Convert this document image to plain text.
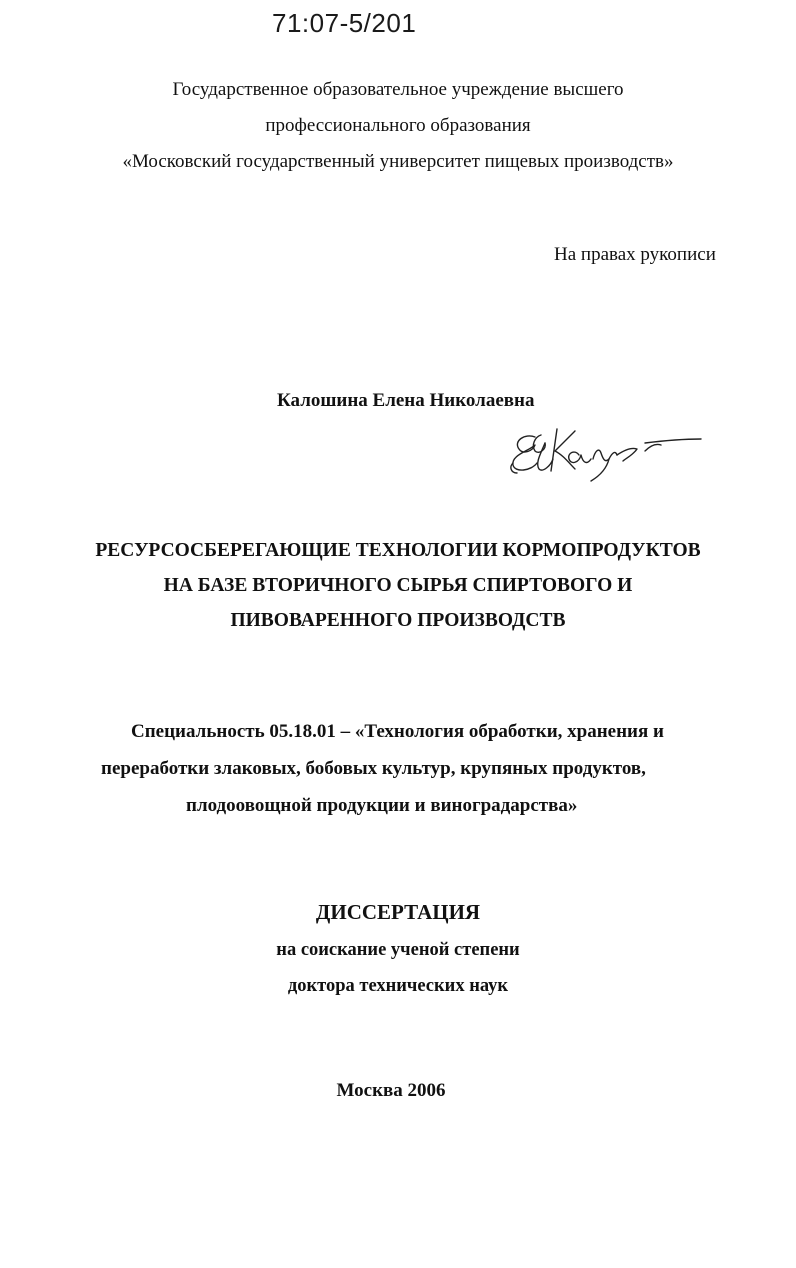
71:07-5/201
Государственное образовательное учреждение высшего
профессионального образования
«Московский государственный университет пищевых производств»
На правах рукописи
Калошина Елена Николаевна
РЕСУРСОСБЕРЕГАЮЩИЕ ТЕХНОЛОГИИ КОРМОПРОДУКТОВ
НА БАЗЕ ВТОРИЧНОГО СЫРЬЯ СПИРТОВОГО И
ПИВОВАРЕННОГО ПРОИЗВОДСТВ
Специальность 05.18.01 – «Технология обработки, хранения и
переработки злаковых, бобовых культур, крупяных продуктов,
плодоовощной продукции и виноградарства»
ДИССЕРТАЦИЯ
на соискание ученой степени
доктора технических наук
Москва 2006
